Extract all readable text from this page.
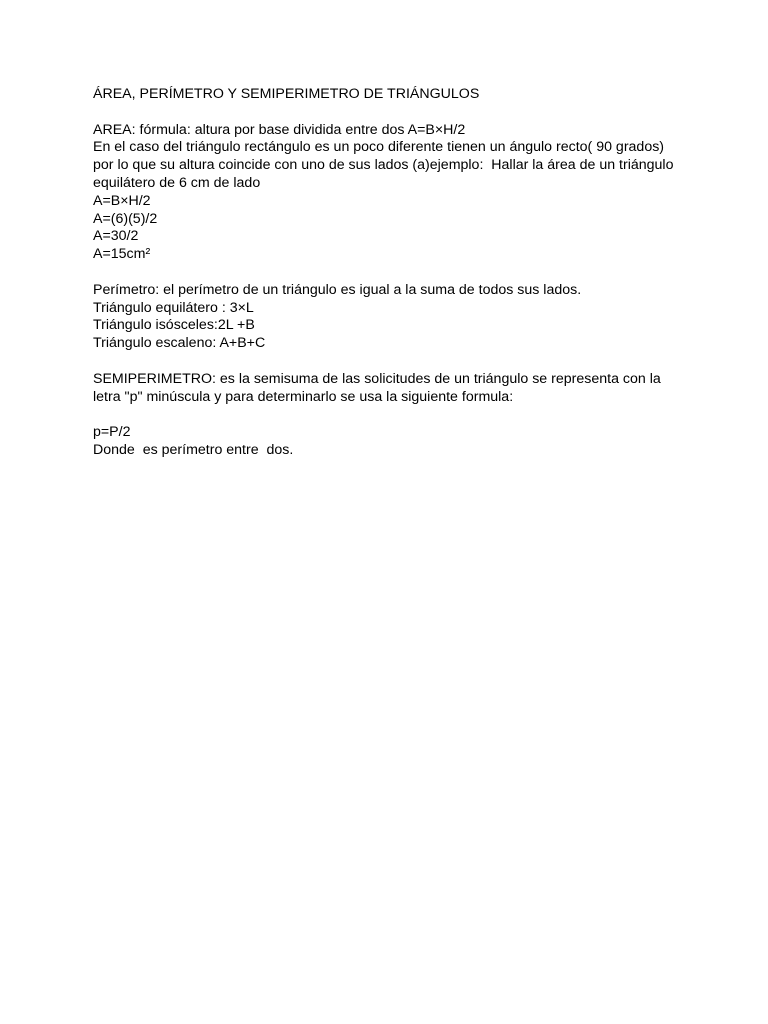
ÁREA, PERÍMETRO Y SEMIPERIMETRO DE TRIÁNGULOS
AREA: fórmula: altura por base dividida entre dos A=B×H/2
En el caso del triángulo rectángulo es un poco diferente tienen un ángulo recto( 90 grados)
por lo que su altura coincide con uno de sus lados (a)ejemplo:  Hallar la área de un triángulo
equilátero de 6 cm de lado
A=B×H/2
A=(6)(5)/2
A=30/2
A=15cm²
Perímetro: el perímetro de un triángulo es igual a la suma de todos sus lados.
Triángulo equilátero : 3×L
Triángulo isósceles:2L +B
Triángulo escaleno: A+B+C
SEMIPERIMETRO: es la semisuma de las solicitudes de un triángulo se representa con la
letra "p" minúscula y para determinarlo se usa la siguiente formula:
p=P/2
Donde  es perímetro entre  dos.
